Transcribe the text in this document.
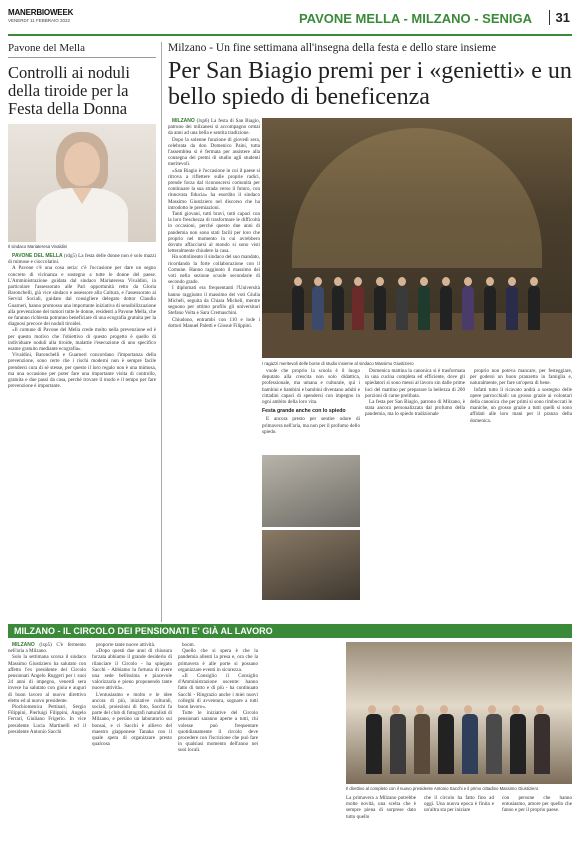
MANERBIOWEEK
VENERDI' 11 FEBBRAIO 2022	PAVONE MELLA - MILZANO - SENIGA	31
Pavone del Mella
Controlli ai noduli della tiroide per la Festa della Donna
Il sindaco Mariateresa Vivaldini

PAVONE DEL MELLA (rdg5) La festa delle donne non è solo mazzi di mimose e cioccolatini.

A Pavone c'è una cosa seria: c'è l'occasione per dare un segno concreto di vicinanza e sostegno a tutte le donne del paese. L'Amministrazione guidata dal sindaco Mariateresa Vivaldini, in particolare l'assessorato alle Pari opportunità retto da Gloria Baronchelli, già vice sindaco e assessore alla Cultura, e l'assessorato ai Servizi Sociali, guidato dal consigliere delegato dottor Claudio Guarneri, hanno promosso una importante iniziativa di sensibilizzazione alla prevenzione dei tumori tutte le donne, residenti a Pavone Mella, che ne faranno richiesta potranno beneficiare di una ecografia gratuita per la diagnosi precoce dei noduli tiroidei.

«Il comune di Pavone del Mella crede molto nella prevenzione ed è per questo motivo che l'obiettivo di questo progetto è quello di individuare noduli alla tiroide, malattie l'esecuzione di uno specifico esame gratuito mediante ecografia».

Vivaldini, Baronchelli e Guarneri concordano l'importanza della prevenzione, sono certe che i rischi moderni non è sempre facile prendersi cura di sé stesse, per questo il loro regalo non è una mimosa, ma una occasione per poter fare una importante visita di controllo, gratuita e due passi da casa, perché trovare il modo e il tempo per fare prevenzione è importante.

Milzano - Un fine settimana all'insegna della festa e dello stare insieme
Per San Biagio premi per i «genietti» e un bello spiedo di beneficenza

MILZANO (lxp6) La festa di San Biagio, patrono dei milzanesi si accompagno ormai da anni ad una bella e sentita tradizione.

Dopo la solenne funzione di giovedì sera, celebrata da don Domenico Paini, tutta l'assemblea si è fermata per assistere alla consegna dei premi di studio agli studenti meritevoli.

«San Biagio è l'occasione in cui il paese si ritrova a riflettere sulle proprie radici, prende forza dal riconoscersi comunità per continuare la sua strada verso il futuro, con rinnovata fiducia» ha esordito il sindaco Massimo Giustiziero nel discorso che ha introdotto le premiazioni.

Tanti giovani, tutti bravi, tutti capaci con la loro freschezza di trasformare le difficoltà in occasioni, perché questo due anni di pandemia non sono stati facili per loro che proprio nel momento in cui avrebbero dovuto affacciarsi al mondo si sono visti letteralmente chiudere la casa.

Ha sottolineato il sindaco del suo mandato, ricordando la forte collaborazione con il Comune. Hanno raggiunto il massimo dei voti nella sezione scuole secondarie di secondo grado.

I diplomati era frequentanti l'Università hanno raggiunto il massimo dei voti Giulia Micheli, seguita da Chiara Micheli, mentre seguono per ottimo profilo gli universitari Stefano Volta e Sara Cremaschini.

Chiudono, entrambi con 110 e lode i dottori Manuel Paletti e Giosuè Filippini.

I ragazzi meritevoli delle borse di studio insieme al sindaco Massimo Giustiziero

vuole che proprio la scuola è il luogo deputato alla crescita non solo didattica, professionale, ma umana e culturale, qui i bambini e bambini e bambini diventano adulti e cittadini capaci di spendersi con impegno in ogni ambito della loro vita.

Festa grande anche con lo spiedo

E ancora presto per sentire odore di primavera nell'aria, ma non per il profumo dello spiedo.

Domenica mattina la canonica si è trasformata in una cucina completa ed efficiente, dove gli spiedatori si sono messi al lavoro sin dalle prime luci del mattino per preparare la bellezza di 200 porzioni di carne prelibata.

La festa per San Biagio, patrono di Milzano, è stata ancora personalizzata dal profumo della pandemia, ma lo spiedo tradizionale

proprio non poteva mancare, per festeggiare, per godersi un buon pranzetto in famiglia e, naturalmente, per fare un'opera di bene.

Infatti tutto il ricavato andrà a sostegno delle opere parrocchiali: un grosso grazie ai volontari della canonica che per primi si sono rimboccati le maniche, un grosso grazie a tutti quelli si sono affidati alle loro mani per il pranzo della domenica.

MILZANO - IL CIRCOLO DEI PENSIONATI E' GIÀ AL LAVORO

MILZANO (lxp5) C'è fermento nell'aria a Milzano.

Solo la settimana scorsa il sindaco Massimo Giustiziero ha salutato con affetto l'ex presidente del Circolo pensionati Angelo Ruggeri per i suoi 24 anni di impegno, venerdì sera invece ha salutato con gioia e auguri di buon lavoro al nuovo direttivo eletto ed al nuovo presidente.

Piochiomenica Pettinari, Sergio Filippini, Pierluigi Filippini, Angelo Ferrari, Giuliano Frigerio. In vice presidente Lucia Martinelli ed il presidente Antonio Sacchi

proporre tante nuove attività.

«Dopo questi due anni di chiusura forzata abbiamo il grande desiderio di rilanciare il Circolo - ha spiegato Sacchi - Abbiamo la fortuna di avere una sede bellissima e piacevole valorizzarla e pieno proponendo tante nuove attività».

L'entusiasmo e molto e le idee ancora di più, iniziative culturali, sociali, proiezioni di foto, Sacchi fa parte del club di fotografi naturalisti di Milzano, e persino un laboratorio sui bonsai, e ci Sacchi è allievo del maestro giapponese Tanaka con il quale spera di organizzare presto qualcosa

boom.

Quello che si spera è che la pandemia allenti la presa e, ora che la primavera è alle porte si possano organizzare eventi in sicurezza.

«Il Consiglio il Consiglio d'Amministrazione uscente: hanno fatto di tutto e di più - ha continuato Sacchi - Ringrazio anche i miei nuovi colleghi di avventura, sognare a tutti buon lavoro».

Tutte le iniziative del Circolo pensionati saranno aperte a tutti, chi volesse può frequentare quotidianamente il circolo deve procedere con l'iscrizione che può fare in qualsiasi momento dell'anno nei suoi locali.

Il direttivo al completo con il nuovo presidente Antonio Sacchi e il primo cittadino Massimo Giustiziero
La primavera a Milzano potrebbe molte novità, una scelta che è sempre piena di sorprese dato tutto quello
che il circolo ha fatto fino ad oggi. Una nuova epoca è finita e un'altra sta per iniziare
con persone che hanno entusiasmo, amore per quello che fanno e per il proprio paese.
